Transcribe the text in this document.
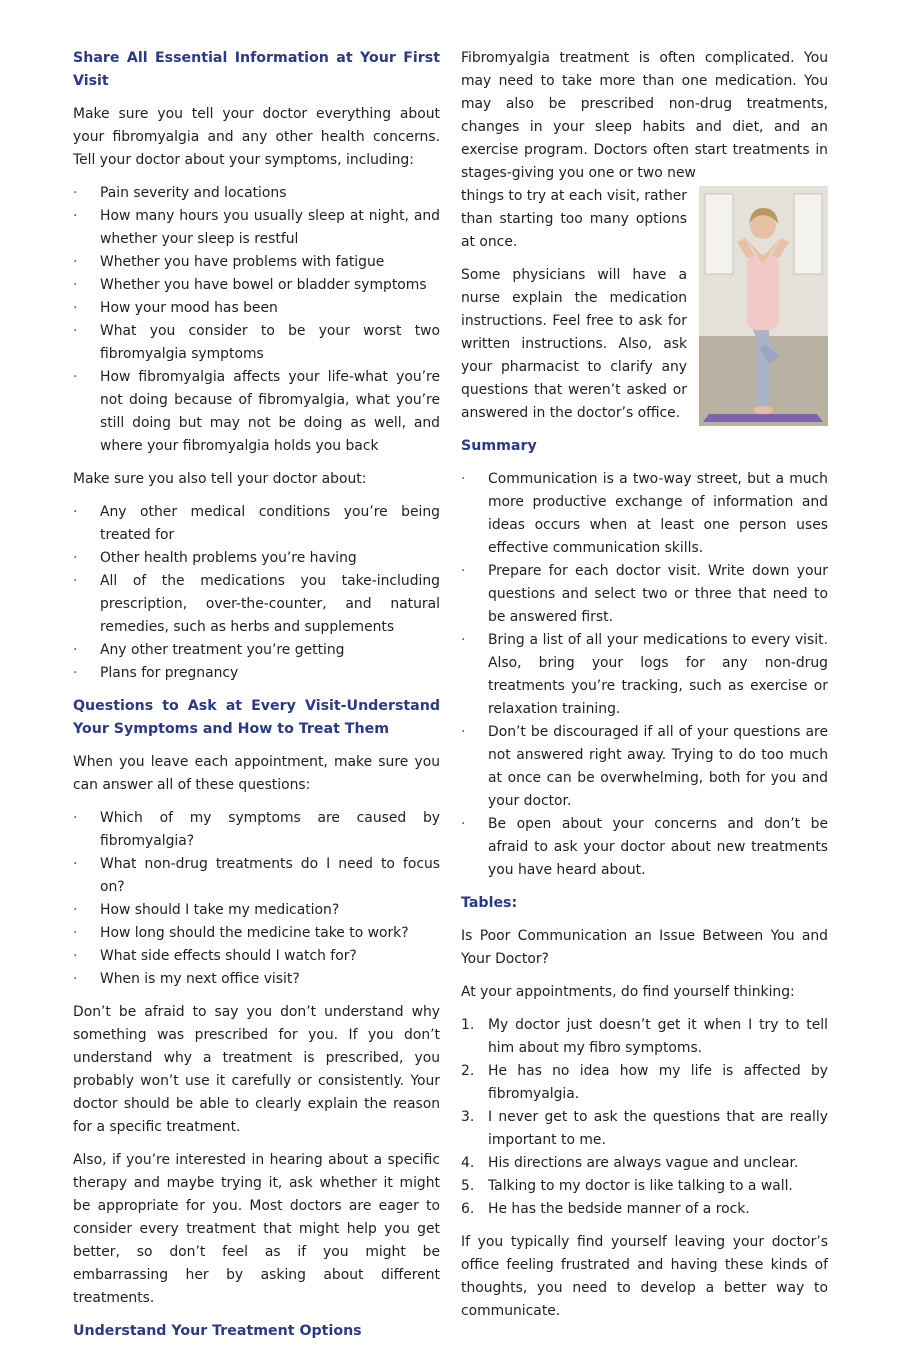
Share All Essential Information at Your First Visit

Make sure you tell your doctor everything about your fibromyalgia and any other health concerns. Tell your doctor about your symptoms, including:

· Pain severity and locations
· How many hours you usually sleep at night, and whether your sleep is restful
· Whether you have problems with fatigue
· Whether you have bowel or bladder symptoms
· How your mood has been
· What you consider to be your worst two fibromyalgia symptoms
· How fibromyalgia affects your life-what you’re not doing because of fibromyalgia, what you’re still doing but may not be doing as well, and where your fibromyalgia holds you back

Make sure you also tell your doctor about:

· Any other medical conditions you’re being treated for
· Other health problems you’re having
· All of the medications you take-including prescription, over-the-counter, and natural remedies, such as herbs and supplements
· Any other treatment you’re getting
· Plans for pregnancy
Questions to Ask at Every Visit-Understand Your Symptoms and How to Treat Them

When you leave each appointment, make sure you can answer all of these questions:

· Which of my symptoms are caused by fibromyalgia?
· What non-drug treatments do I need to focus on?
· How should I take my medication?
· How long should the medicine take to work?
· What side effects should I watch for?
· When is my next office visit?

Don’t be afraid to say you don’t understand why something was prescribed for you. If you don’t understand why a treatment is prescribed, you probably won’t use it carefully or consistently. Your doctor should be able to clearly explain the reason for a specific treatment.

Also, if you’re interested in hearing about a specific therapy and maybe trying it, ask whether it might be appropriate for you. Most doctors are eager to consider every treatment that might help you get better, so don’t feel as if you might be embarrassing her by asking about different treatments.

Understand Your Treatment Options

Fibromyalgia treatment is often complicated. You may need to take more than one medication. You may also be prescribed non-drug treatments, changes in your sleep habits and diet, and an exercise program. Doctors often start treatments in stages-giving you one or two new

things to try at each visit, rather than starting too many options at once.

Some physicians will have a nurse explain the medication instructions. Feel free to ask for written instructions. Also, ask your pharmacist to clarify any questions that weren’t asked or answered in the doctor’s office.

Summary
· Communication is a two-way street, but a much more productive exchange of information and ideas occurs when at least one person uses effective communication skills.
· Prepare for each doctor visit. Write down your questions and select two or three that need to be answered first.
· Bring a list of all your medications to every visit. Also, bring your logs for any non-drug treatments you’re tracking, such as exercise or relaxation training.
· Don’t be discouraged if all of your questions are not answered right away. Trying to do too much at once can be overwhelming, both for you and your doctor.
· Be open about your concerns and don’t be afraid to ask your doctor about new treatments you have heard about.
Tables:

Is Poor Communication an Issue Between You and Your Doctor?

At your appointments, do find yourself thinking:

1. My doctor just doesn’t get it when I try to tell him about my fibro symptoms.
2. He has no idea how my life is affected by fibromyalgia.
3. I never get to ask the questions that are really important to me.
4. His directions are always vague and unclear.
5. Talking to my doctor is like talking to a wall.
6. He has the bedside manner of a rock.

If you typically find yourself leaving your doctor’s office feeling frustrated and having these kinds of thoughts, you need to develop a better way to communicate.
